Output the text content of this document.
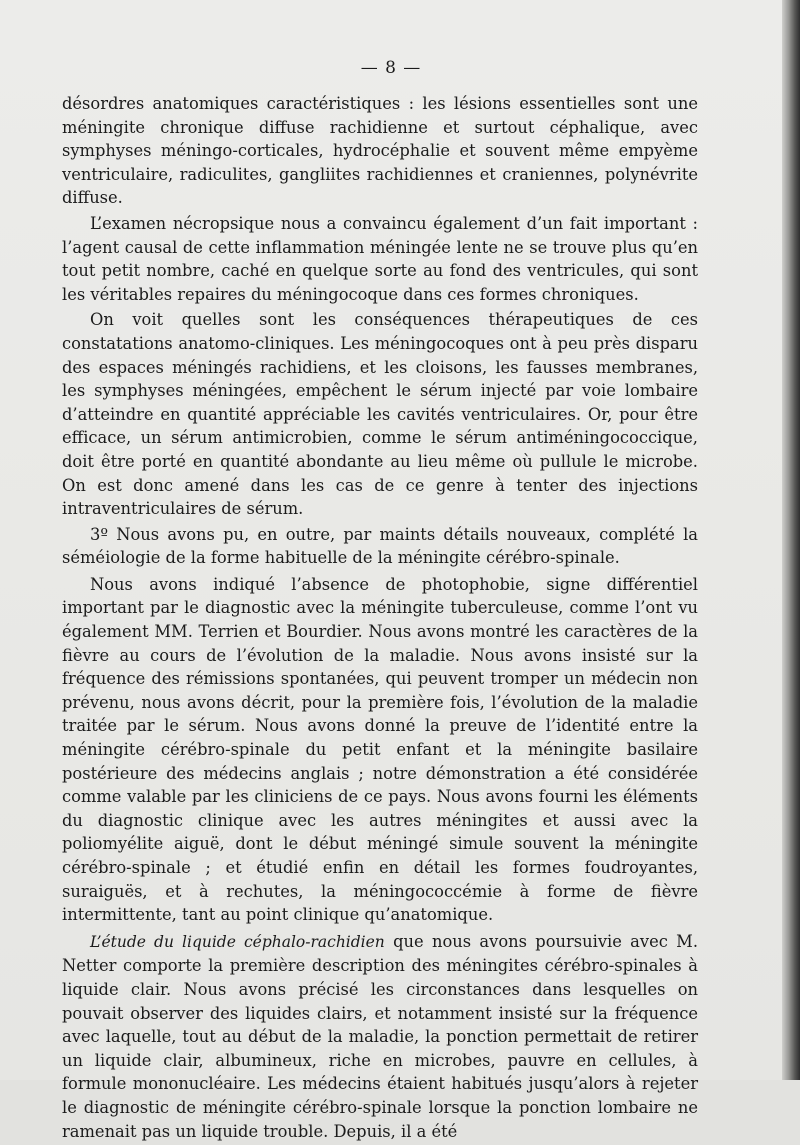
— 8 —

désordres anatomiques caractéristiques : les lésions essentielles sont une méningite chronique diffuse rachidienne et surtout céphalique, avec symphyses méningo-corticales, hydrocéphalie et souvent même empyème ventriculaire, radiculites, gangliites rachidiennes et craniennes, polynévrite diffuse.

L’examen nécropsique nous a convaincu également d’un fait important : l’agent causal de cette inflammation méningée lente ne se trouve plus qu’en tout petit nombre, caché en quelque sorte au fond des ventricules, qui sont les véritables repaires du méningocoque dans ces formes chroniques.

On voit quelles sont les conséquences thérapeutiques de ces constatations anatomo-cliniques. Les méningocoques ont à peu près disparu des espaces méningés rachidiens, et les cloisons, les fausses membranes, les symphyses méningées, empêchent le sérum injecté par voie lombaire d’atteindre en quantité appréciable les cavités ventriculaires. Or, pour être efficace, un sérum antimicrobien, comme le sérum antiméningococcique, doit être porté en quantité abondante au lieu même où pullule le microbe. On est donc amené dans les cas de ce genre à tenter des injections intraventriculaires de sérum.

3º Nous avons pu, en outre, par maints détails nouveaux, complété la séméiologie de la forme habituelle de la méningite cérébro-spinale.

Nous avons indiqué l’absence de photophobie, signe différentiel important par le diagnostic avec la méningite tuberculeuse, comme l’ont vu également MM. Terrien et Bourdier. Nous avons montré les caractères de la fièvre au cours de l’évolution de la maladie. Nous avons insisté sur la fréquence des rémissions spontanées, qui peuvent tromper un médecin non prévenu, nous avons décrit, pour la première fois, l’évolution de la maladie traitée par le sérum. Nous avons donné la preuve de l’identité entre la méningite cérébro-spinale du petit enfant et la méningite basilaire postérieure des médecins anglais ; notre démonstration a été considérée comme valable par les cliniciens de ce pays. Nous avons fourni les éléments du diagnostic clinique avec les autres méningites et aussi avec la poliomyélite aiguë, dont le début méningé simule souvent la méningite cérébro-spinale ; et étudié enfin en détail les formes foudroyantes, suraiguës, et à rechutes, la méningococcémie à forme de fièvre intermittente, tant au point clinique qu’anatomique.

L’étude du liquide céphalo-rachidien que nous avons poursuivie avec M. Netter comporte la première description des méningites cérébro-spinales à liquide clair. Nous avons précisé les circonstances dans lesquelles on pouvait observer des liquides clairs, et notamment insisté sur la fréquence avec laquelle, tout au début de la maladie, la ponction permettait de retirer un liquide clair, albumineux, riche en microbes, pauvre en cellules, à formule mononucléaire. Les médecins étaient habitués jusqu’alors à rejeter le diagnostic de méningite cérébro-spinale lorsque la ponction lombaire ne ramenait pas un liquide trouble. Depuis, il a été
